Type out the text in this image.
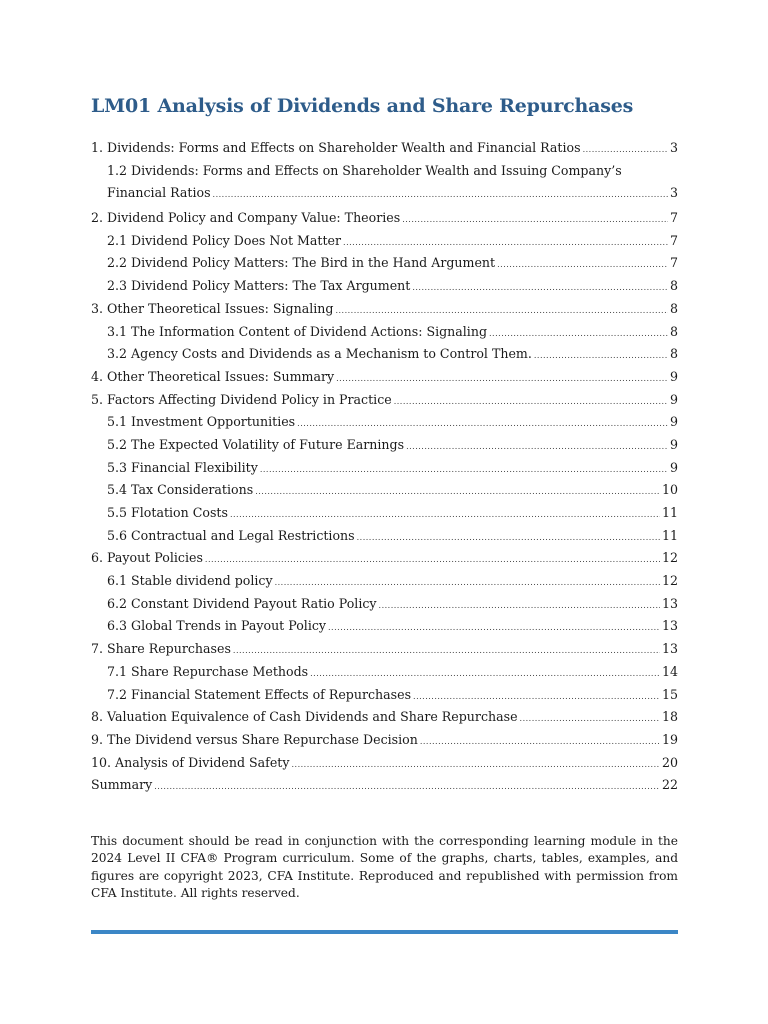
LM01 Analysis of Dividends and Share Repurchases
1. Dividends: Forms and Effects on Shareholder Wealth and Financial Ratios .....	3
1.2 Dividends: Forms and Effects on Shareholder Wealth and Issuing Company’s
Financial Ratios .....	3
2. Dividend Policy and Company Value: Theories .....	7
2.1 Dividend Policy Does Not Matter .....	7
2.2 Dividend Policy Matters: The Bird in the Hand Argument .....	7
2.3 Dividend Policy Matters: The Tax Argument .....	8
3. Other Theoretical Issues: Signaling .....	8
3.1 The Information Content of Dividend Actions: Signaling .....	8
3.2 Agency Costs and Dividends as a Mechanism to Control Them. .....	8
4. Other Theoretical Issues: Summary .....	9
5. Factors Affecting Dividend Policy in Practice .....	9
5.1 Investment Opportunities .....	9
5.2 The Expected Volatility of Future Earnings .....	9
5.3 Financial Flexibility .....	9
5.4 Tax Considerations .....	10
5.5 Flotation Costs .....	11
5.6 Contractual and Legal Restrictions .....	11
6. Payout Policies .....	12
6.1 Stable dividend policy .....	12
6.2 Constant Dividend Payout Ratio Policy .....	13
6.3 Global Trends in Payout Policy .....	13
7. Share Repurchases .....	13
7.1 Share Repurchase Methods .....	14
7.2 Financial Statement Effects of Repurchases .....	15
8. Valuation Equivalence of Cash Dividends and Share Repurchase .....	18
9. The Dividend versus Share Repurchase Decision .....	19
10. Analysis of Dividend Safety .....	20
Summary .....	22

This document should be read in conjunction with the corresponding learning module in the 2024 Level II CFA® Program curriculum. Some of the graphs, charts, tables, examples, and figures are copyright 2023, CFA Institute. Reproduced and republished with permission from CFA Institute. All rights reserved.
